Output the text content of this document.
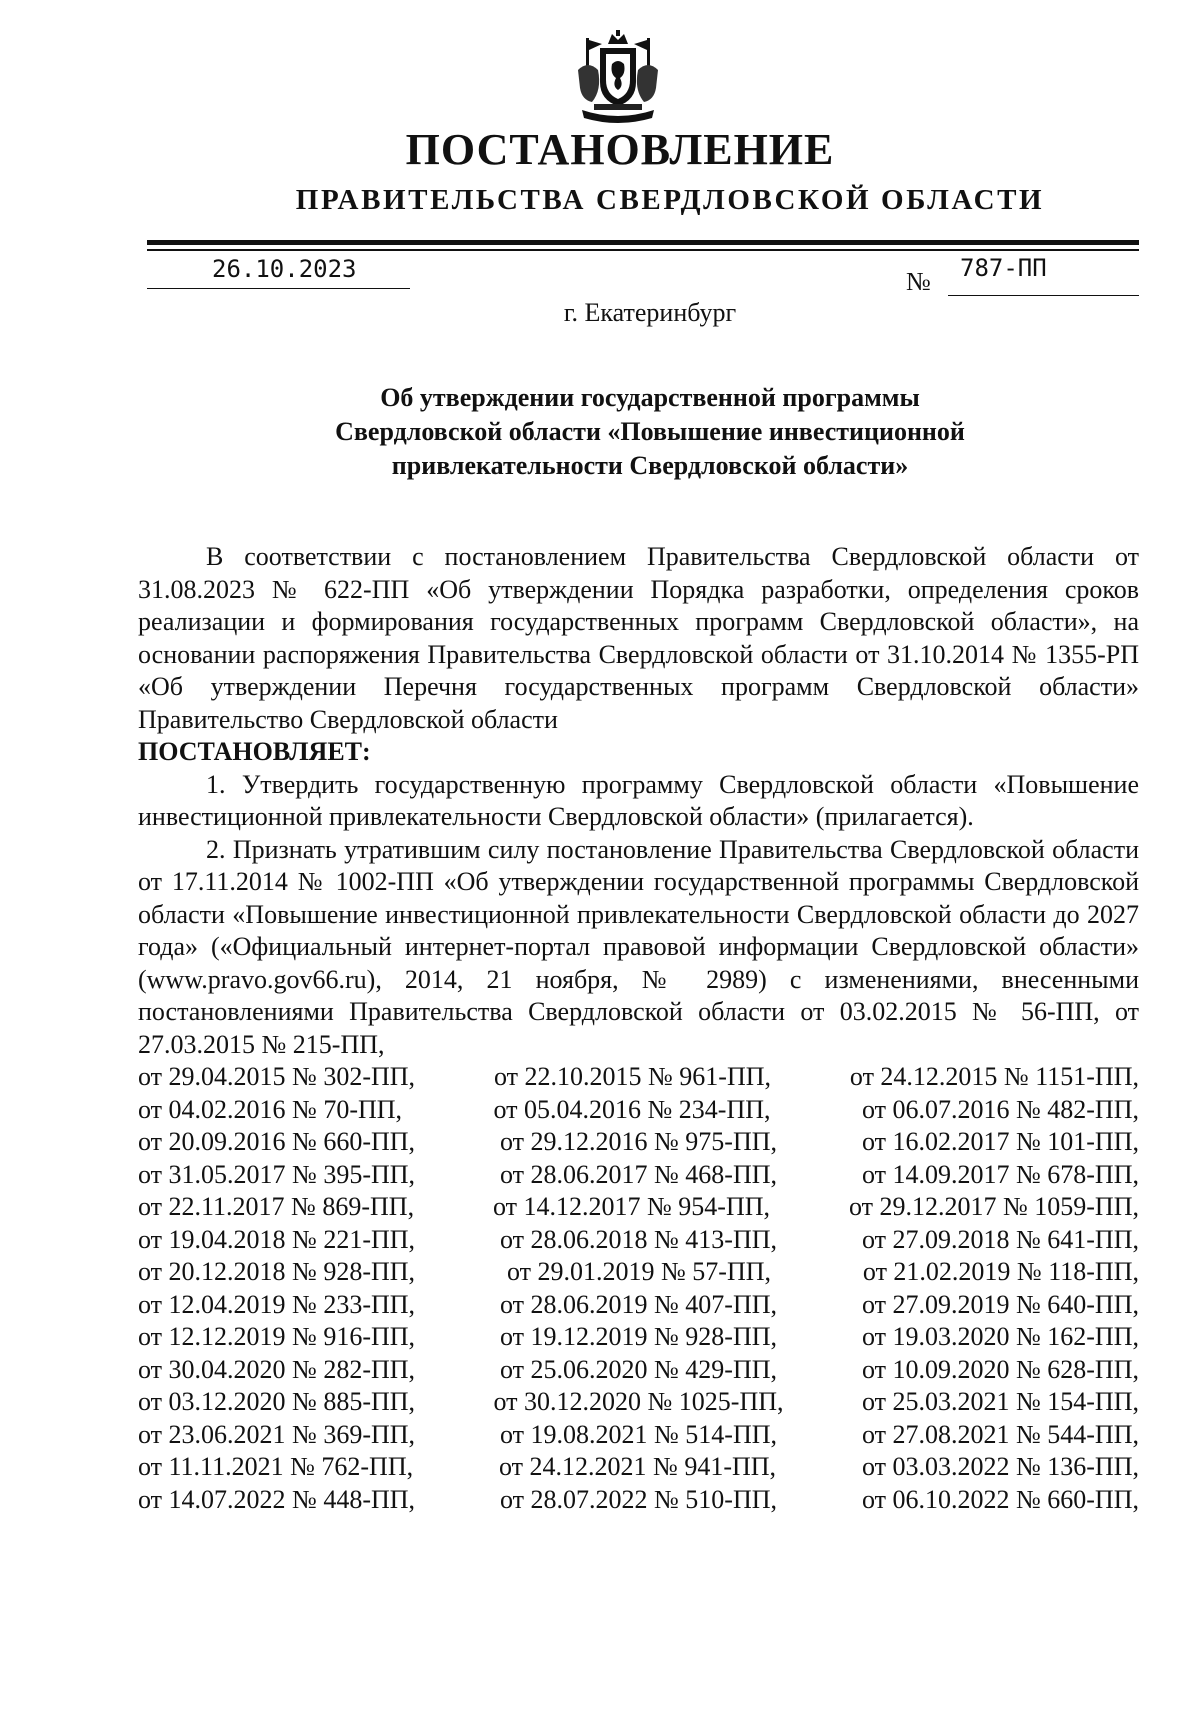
ПОСТАНОВЛЕНИЕ
ПРАВИТЕЛЬСТВА СВЕРДЛОВСКОЙ ОБЛАСТИ
26.10.2023	№ 787-ПП
г. Екатеринбург
Об утверждении государственной программы
Свердловской области «Повышение инвестиционной
привлекательности Свердловской области»

В соответствии с постановлением Правительства Свердловской области от 31.08.2023 № 622-ПП «Об утверждении Порядка разработки, определения сроков реализации и формирования государственных программ Свердловской области», на основании распоряжения Правительства Свердловской области от 31.10.2014 № 1355-РП «Об утверждении Перечня государственных программ Свердловской области» Правительство Свердловской области

ПОСТАНОВЛЯЕТ:

1. Утвердить государственную программу Свердловской области «Повышение инвестиционной привлекательности Свердловской области» (прилагается).

2. Признать утратившим силу постановление Правительства Свердловской области от 17.11.2014 № 1002-ПП «Об утверждении государственной программы Свердловской области «Повышение инвестиционной привлекательности Свердловской области до 2027 года» («Официальный интернет-портал правовой информации Свердловской области» (www.pravo.gov66.ru), 2014, 21 ноября, № 2989) с изменениями, внесенными постановлениями Правительства Свердловской области от 03.02.2015 № 56-ПП, от 27.03.2015 № 215-ПП,

от 29.04.2015 № 302-ПП,	от 22.10.2015 № 961-ПП,	от 24.12.2015 № 1151-ПП,
от 04.02.2016 № 70-ПП,	от 05.04.2016 № 234-ПП,	от 06.07.2016 № 482-ПП,
от 20.09.2016 № 660-ПП,	от 29.12.2016 № 975-ПП,	от 16.02.2017 № 101-ПП,
от 31.05.2017 № 395-ПП,	от 28.06.2017 № 468-ПП,	от 14.09.2017 № 678-ПП,
от 22.11.2017 № 869-ПП,	от 14.12.2017 № 954-ПП,	от 29.12.2017 № 1059-ПП,
от 19.04.2018 № 221-ПП,	от 28.06.2018 № 413-ПП,	от 27.09.2018 № 641-ПП,
от 20.12.2018 № 928-ПП,	от 29.01.2019 № 57-ПП,	от 21.02.2019 № 118-ПП,
от 12.04.2019 № 233-ПП,	от 28.06.2019 № 407-ПП,	от 27.09.2019 № 640-ПП,
от 12.12.2019 № 916-ПП,	от 19.12.2019 № 928-ПП,	от 19.03.2020 № 162-ПП,
от 30.04.2020 № 282-ПП,	от 25.06.2020 № 429-ПП,	от 10.09.2020 № 628-ПП,
от 03.12.2020 № 885-ПП,	от 30.12.2020 № 1025-ПП,	от 25.03.2021 № 154-ПП,
от 23.06.2021 № 369-ПП,	от 19.08.2021 № 514-ПП,	от 27.08.2021 № 544-ПП,
от 11.11.2021 № 762-ПП,	от 24.12.2021 № 941-ПП,	от 03.03.2022 № 136-ПП,
от 14.07.2022 № 448-ПП,	от 28.07.2022 № 510-ПП,	от 06.10.2022 № 660-ПП,
